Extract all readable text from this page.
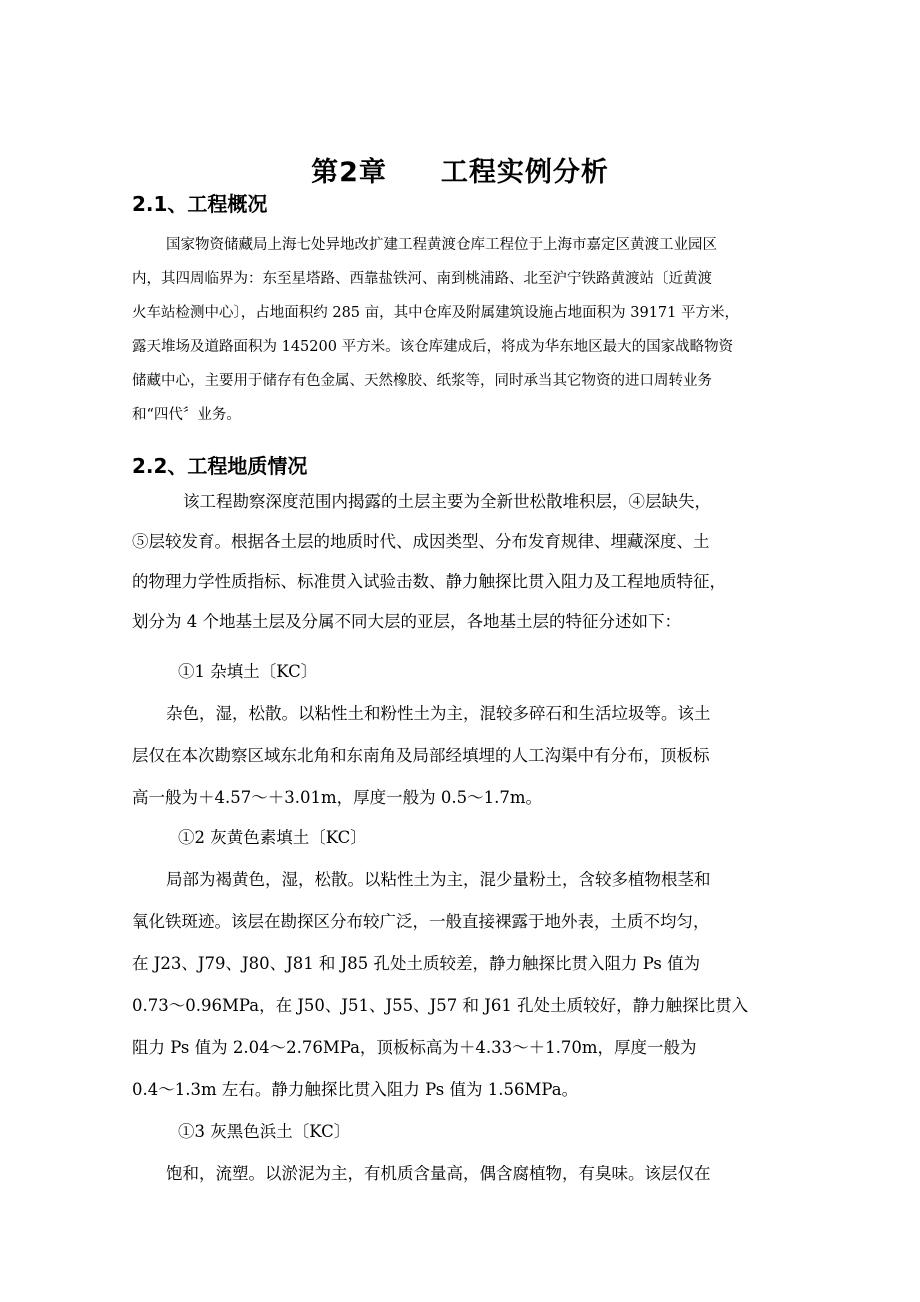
第2章 工程实例分析
2.1、工程概况

国家物资储藏局上海七处异地改扩建工程黄渡仓库工程位于上海市嘉定区黄渡工业园区

内，其四周临界为：东至星塔路、西靠盐铁河、南到桃浦路、北至沪宁铁路黄渡站〔近黄渡

火车站检测中心〕，占地面积约 285 亩，其中仓库及附属建筑设施占地面积为 39171 平方米，

露天堆场及道路面积为 145200 平方米。该仓库建成后，将成为华东地区最大的国家战略物资

储藏中心，主要用于储存有色金属、天然橡胶、纸浆等，同时承当其它物资的进口周转业务

和“四代〞业务。

2.2、工程地质情况

该工程勘察深度范围内揭露的土层主要为全新世松散堆积层，④层缺失，

⑤层较发育。根据各土层的地质时代、成因类型、分布发育规律、埋藏深度、土

的物理力学性质指标、标准贯入试验击数、静力触探比贯入阻力及工程地质特征，

划分为 4 个地基土层及分属不同大层的亚层，各地基土层的特征分述如下：

①1 杂填土〔KC〕

杂色，湿，松散。以粘性土和粉性土为主，混较多碎石和生活垃圾等。该土

层仅在本次勘察区域东北角和东南角及局部经填埋的人工沟渠中有分布，顶板标

高一般为＋4.57～＋3.01m，厚度一般为 0.5～1.7m。

①2 灰黄色素填土〔KC〕

局部为褐黄色，湿，松散。以粘性土为主，混少量粉土，含较多植物根茎和

氧化铁斑迹。该层在勘探区分布较广泛，一般直接裸露于地外表，土质不均匀，

在 J23、J79、J80、J81 和 J85 孔处土质较差，静力触探比贯入阻力 Ps 值为

0.73～0.96MPa，在 J50、J51、J55、J57 和 J61 孔处土质较好，静力触探比贯入

阻力 Ps 值为 2.04～2.76MPa，顶板标高为＋4.33～＋1.70m，厚度一般为

0.4～1.3m 左右。静力触探比贯入阻力 Ps 值为 1.56MPa。

①3 灰黑色浜土〔KC〕

饱和，流塑。以淤泥为主，有机质含量高，偶含腐植物，有臭味。该层仅在
